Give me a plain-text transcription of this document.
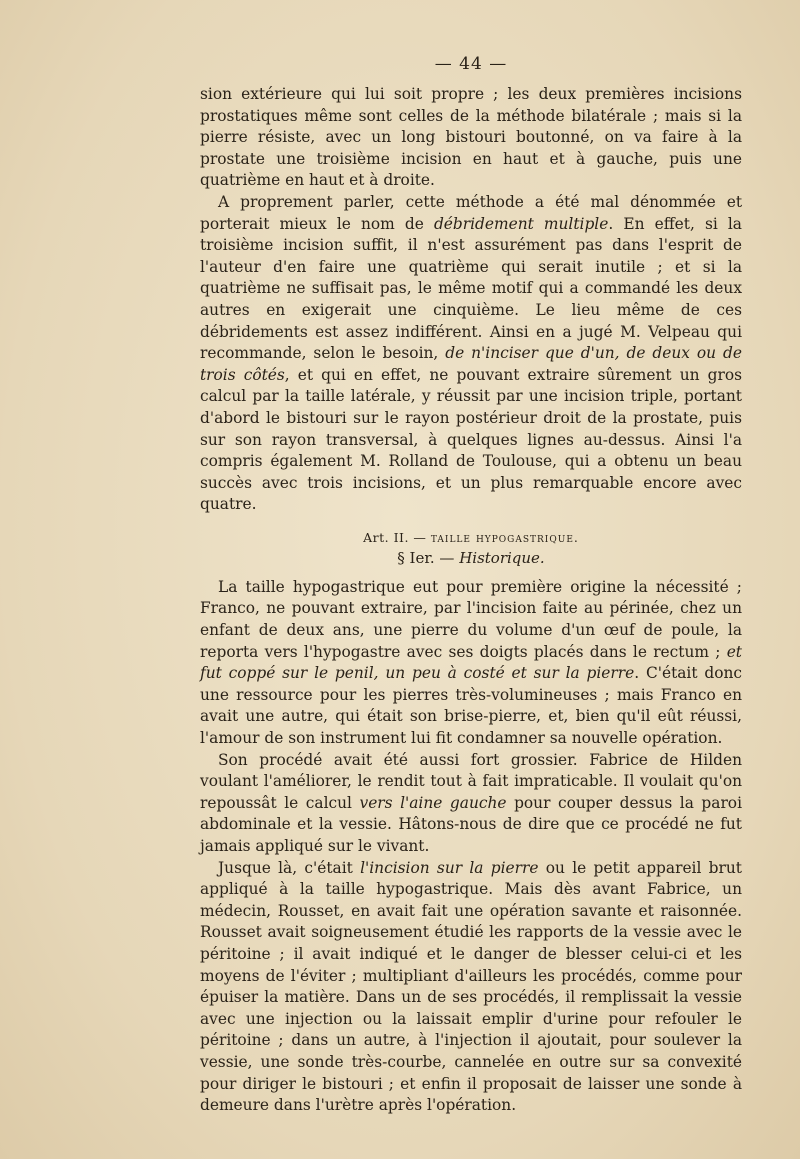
— 44 —

sion extérieure qui lui soit propre ; les deux premières incisions prostatiques même sont celles de la méthode bilatérale ; mais si la pierre résiste, avec un long bistouri boutonné, on va faire à la prostate une troisième incision en haut et à gauche, puis une quatrième en haut et à droite.

A proprement parler, cette méthode a été mal dénommée et porterait mieux le nom de débridement multiple. En effet, si la troisième incision suffit, il n'est assurément pas dans l'esprit de l'auteur d'en faire une quatrième qui serait inutile ; et si la quatrième ne suffisait pas, le même motif qui a commandé les deux autres en exigerait une cinquième. Le lieu même de ces débridements est assez indifférent. Ainsi en a jugé M. Velpeau qui recommande, selon le besoin, de n'inciser que d'un, de deux ou de trois côtés, et qui en effet, ne pouvant extraire sûrement un gros calcul par la taille latérale, y réussit par une incision triple, portant d'abord le bistouri sur le rayon postérieur droit de la prostate, puis sur son rayon transversal, à quelques lignes au-dessus. Ainsi l'a compris également M. Rolland de Toulouse, qui a obtenu un beau succès avec trois incisions, et un plus remarquable encore avec quatre.

Art. II. — taille hypogastrique.
§ Ier. — Historique.

La taille hypogastrique eut pour première origine la nécessité ; Franco, ne pouvant extraire, par l'incision faite au périnée, chez un enfant de deux ans, une pierre du volume d'un œuf de poule, la reporta vers l'hypogastre avec ses doigts placés dans le rectum ; et fut coppé sur le penil, un peu à costé et sur la pierre. C'était donc une ressource pour les pierres très-volumineuses ; mais Franco en avait une autre, qui était son brise-pierre, et, bien qu'il eût réussi, l'amour de son instrument lui fit condamner sa nouvelle opération.

Son procédé avait été aussi fort grossier. Fabrice de Hilden voulant l'améliorer, le rendit tout à fait impraticable. Il voulait qu'on repoussât le calcul vers l'aine gauche pour couper dessus la paroi abdominale et la vessie. Hâtons-nous de dire que ce procédé ne fut jamais appliqué sur le vivant.

Jusque là, c'était l'incision sur la pierre ou le petit appareil brut appliqué à la taille hypogastrique. Mais dès avant Fabrice, un médecin, Rousset, en avait fait une opération savante et raisonnée. Rousset avait soigneusement étudié les rapports de la vessie avec le péritoine ; il avait indiqué et le danger de blesser celui-ci et les moyens de l'éviter ; multipliant d'ailleurs les procédés, comme pour épuiser la matière. Dans un de ses procédés, il remplissait la vessie avec une injection ou la laissait emplir d'urine pour refouler le péritoine ; dans un autre, à l'injection il ajoutait, pour soulever la vessie, une sonde très-courbe, cannelée en outre sur sa convexité pour diriger le bistouri ; et enfin il proposait de laisser une sonde à demeure dans l'urètre après l'opération.
